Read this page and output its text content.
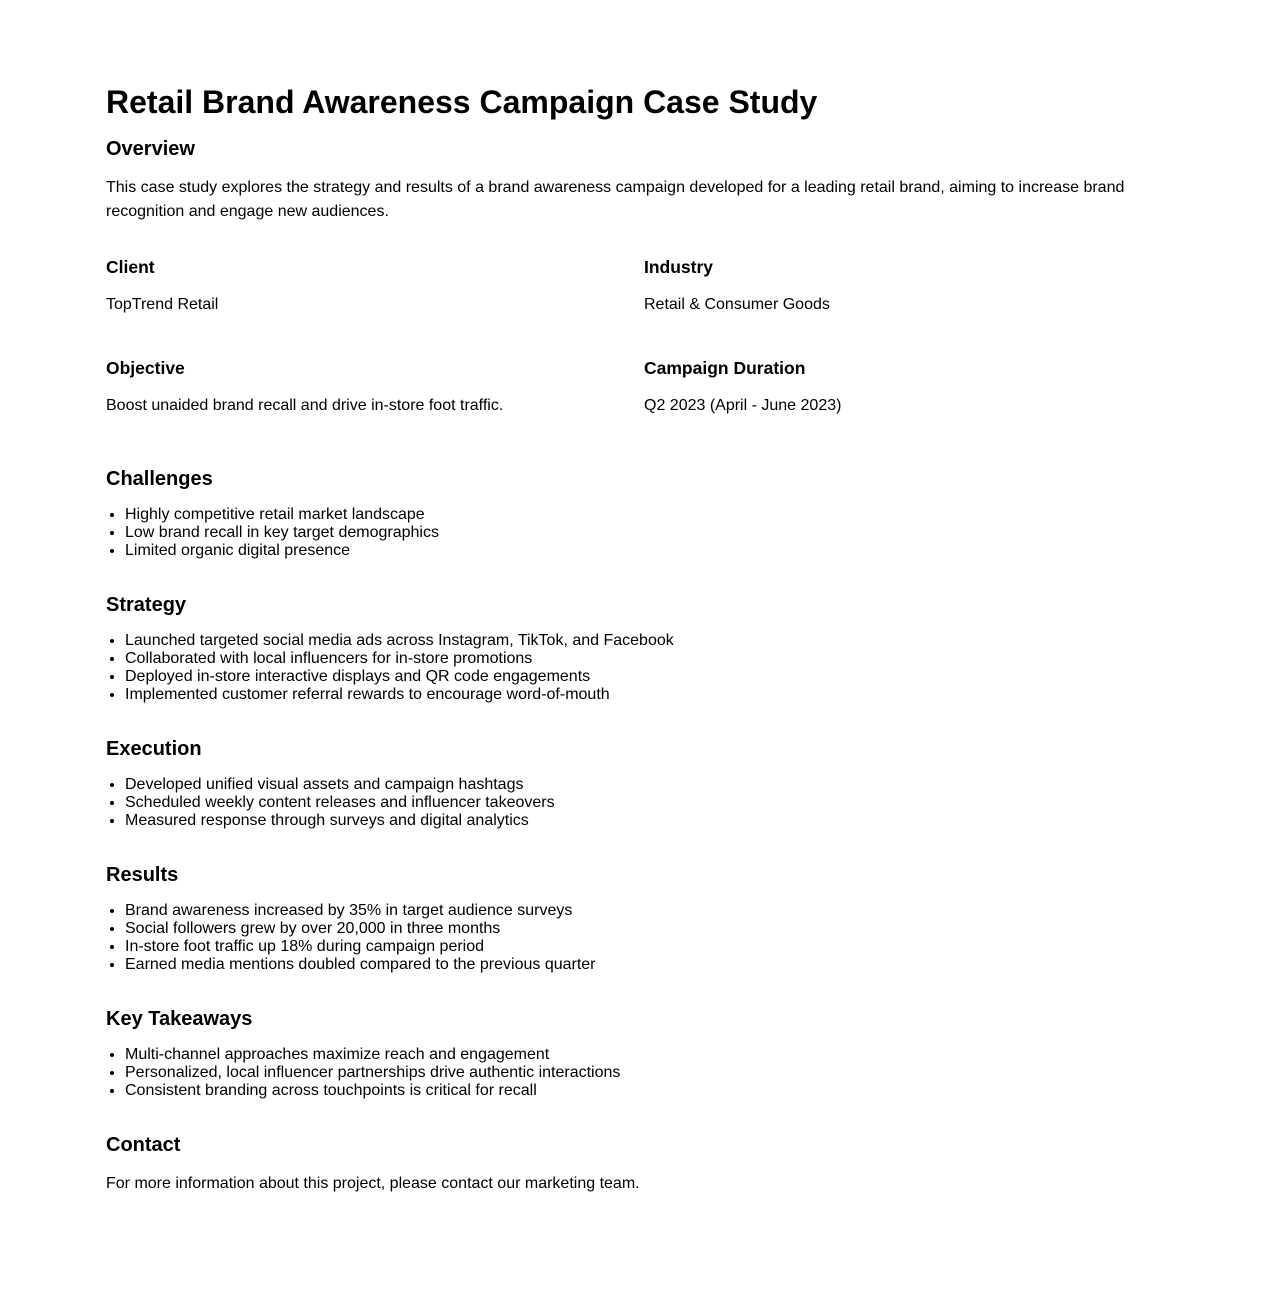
Retail Brand Awareness Campaign Case Study
Overview

This case study explores the strategy and results of a brand awareness campaign developed for a leading retail brand, aiming to increase brand recognition and engage new audiences.

Client
TopTrend Retail
Industry
Retail & Consumer Goods
Objective
Boost unaided brand recall and drive in-store foot traffic.
Campaign Duration
Q2 2023 (April - June 2023)
Challenges
• Highly competitive retail market landscape
• Low brand recall in key target demographics
• Limited organic digital presence
Strategy
• Launched targeted social media ads across Instagram, TikTok, and Facebook
• Collaborated with local influencers for in-store promotions
• Deployed in-store interactive displays and QR code engagements
• Implemented customer referral rewards to encourage word-of-mouth
Execution
• Developed unified visual assets and campaign hashtags
• Scheduled weekly content releases and influencer takeovers
• Measured response through surveys and digital analytics
Results
• Brand awareness increased by 35% in target audience surveys
• Social followers grew by over 20,000 in three months
• In-store foot traffic up 18% during campaign period
• Earned media mentions doubled compared to the previous quarter
Key Takeaways
• Multi-channel approaches maximize reach and engagement
• Personalized, local influencer partnerships drive authentic interactions
• Consistent branding across touchpoints is critical for recall
Contact

For more information about this project, please contact our marketing team.
